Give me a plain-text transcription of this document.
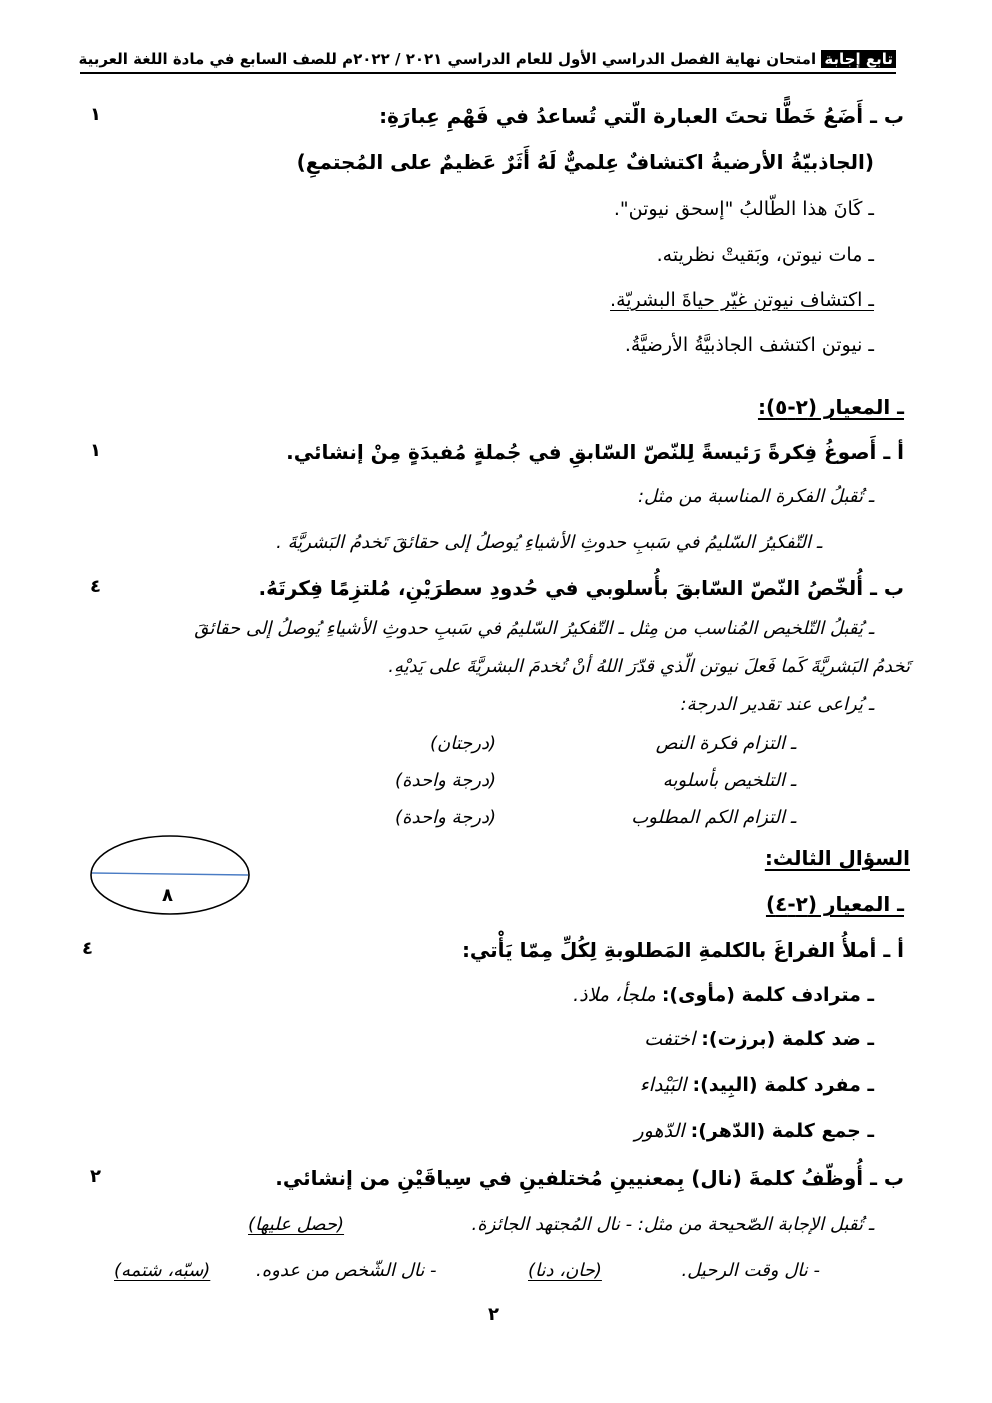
تابع إجابة امتحان نهاية الفصل الدراسي الأول للعام الدراسي ٢٠٢١ / ٢٠٢٢م للصف السابع في مادة اللغة العربية
ب ـ أَضَعُ خَطًّا تحتَ العبارة الّتي تُساعدُ في فَهْمِ عِبارَةِ:
١
(الجاذبيّةُ الأرضيةُ اكتشافٌ عِلميٌّ لَهُ أَثَرٌ عَظيمٌ على المُجتمعِ)
ـ كَانَ هذا الطّالبُ "إسحق نيوتن".
ـ مات نيوتن، وبَقيتْ نظريته.
ـ اكتشاف نيوتن غيّر حياةَ البشريّة.
ـ نيوتن اكتشف الجاذبيَّةُ الأرضيَّةُ.
ـ المعيار (٢-٥):
أ ـ أَصوغُ فِكرةً رَئيسةً لِلنّصّ السّابقِ في جُملةٍ مُفيدَةٍ مِنْ إنشائي.
١
ـ تُقبلُ الفكرة المناسبة من مثل:
ـ التّفكيرُ السّليمُ في سَببِ حدوثِ الأشياءِ يُوصلُ إلى حقائقَ تَخدمُ البَشريَّةَ .
ب ـ أُلخّصُ النّصّ السّابقَ بأُسلوبي في حُدودِ سطرَيْنِ، مُلتزِمًا فِكرتَهُ.
٤
ـ يُقبلُ التّلخيص المُناسب من مِثل ـ التّفكيرُ السّليمُ في سَببِ حدوثِ الأشياءِ يُوصلُ إلى حقائقَ
تَخدمُ البَشريَّةَ كَما فَعلَ نيوتن الّذي قدّرَ اللهُ أنْ تُخدمَ البشريَّةَ على يَديْهِ.
ـ يُراعى عند تقدير الدرجة:
ـ التزام فكرة النص
(درجتان)
ـ التلخيص بأسلوبه
(درجة واحدة)
ـ التزام الكم المطلوب
(درجة واحدة)
٨
السؤال الثالث:
ـ المعيار (٢-٤)
أ ـ أملأُ الفراغَ بالكلمةِ المَطلوبةِ لِكُلِّ مِمّا يَأْتي:
٤
ـ مترادف كلمة (مأوى): ملجأ، ملاذ.
ـ ضد كلمة (برزت): اختفت
ـ مفرد كلمة (البِيد): البَيْداء
ـ جمع كلمة (الدّهر): الدّهور
ب ـ أُوظّفُ كلمةَ (نال) بِمعنيينِ مُختلفينِ في سِياقَيْنِ من إنشائي.
٢
ـ تُقبل الإجابة الصّحيحة من مثل: - نال المُجتهد الجائزة.
(حصل عليها)
- نال وقت الرحيل.
(حان، دنا)
- نال الشّخص من عدوه.
(سبّه، شتمه)
٢
